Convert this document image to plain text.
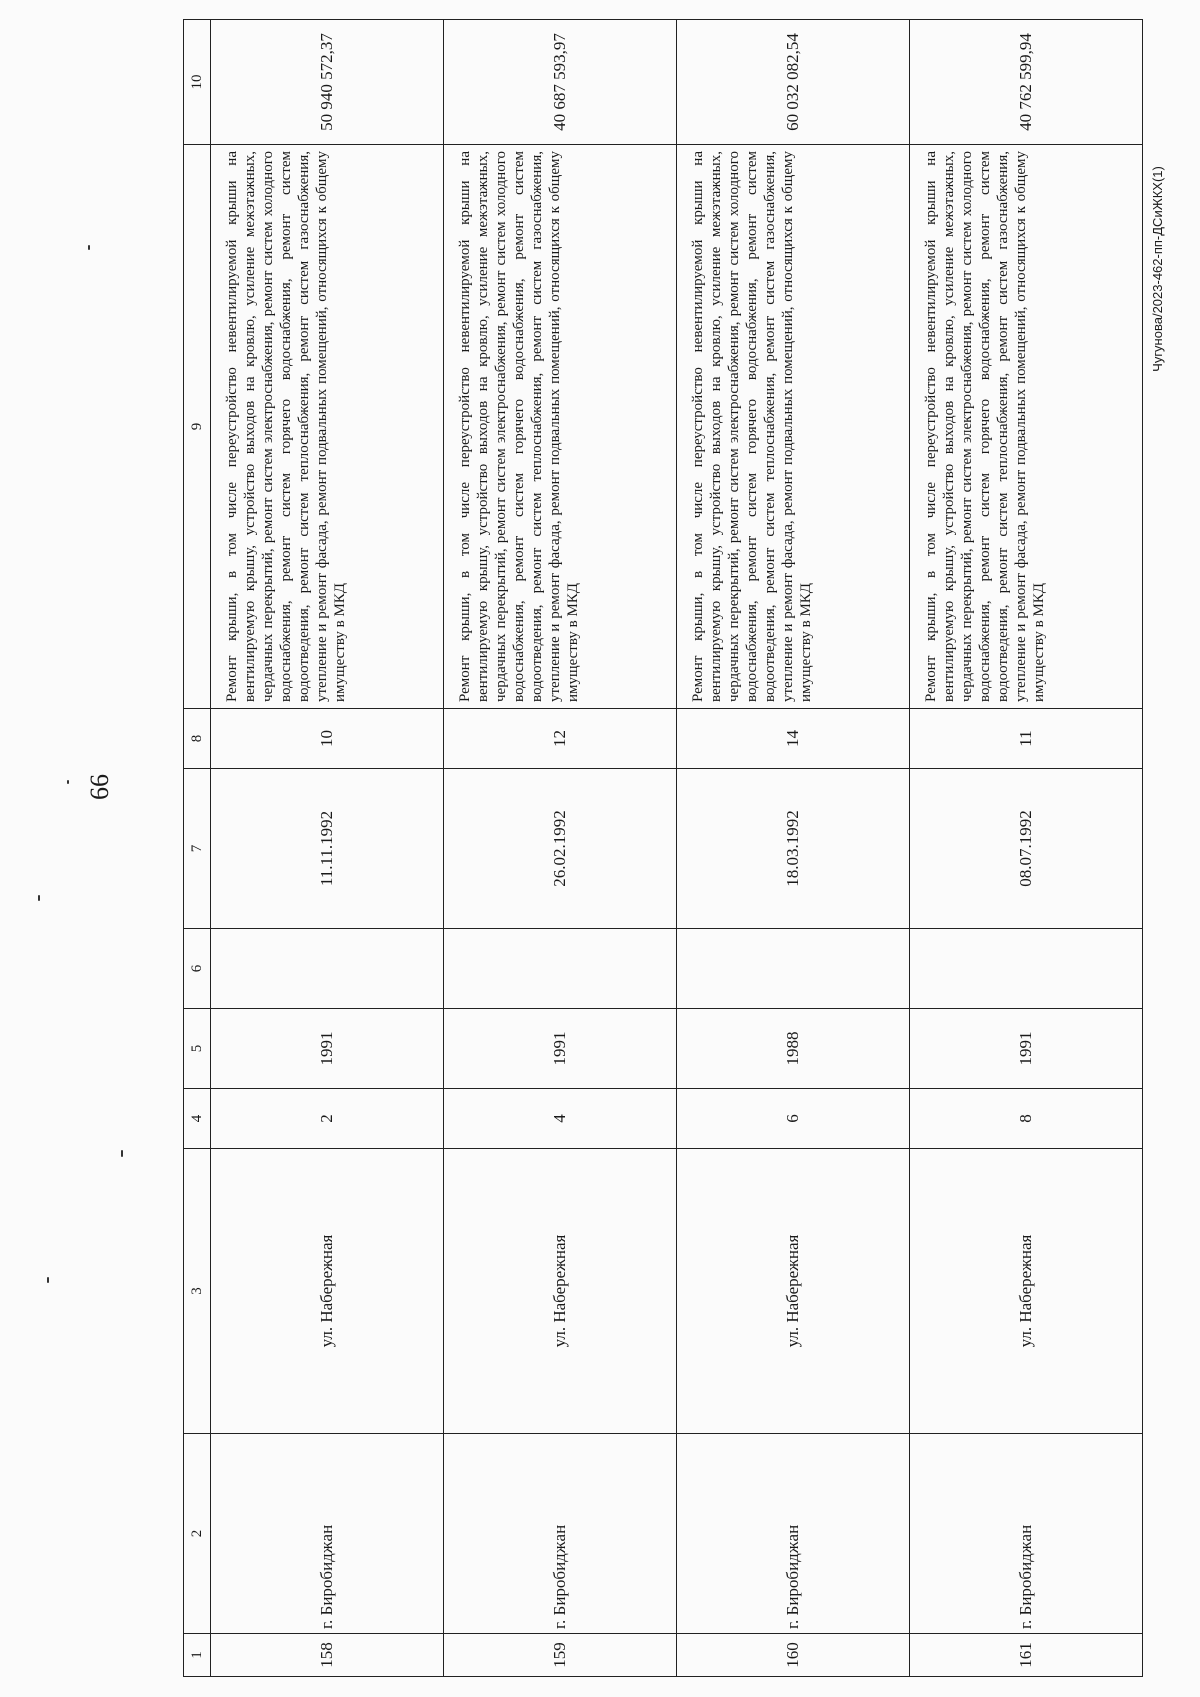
66
1	2	3	4	5	6	7	8	9	10
158	г. Биробиджан	ул. Набережная	2	1991		11.11.1992	10	Ремонт крыши, в том числе переустройство невентилируемой крыши на вентилируемую крышу, устройство выходов на кровлю, усиление межэтажных, чердачных перекрытий, ремонт систем электроснабжения, ремонт систем холодного водоснабжения, ремонт систем горячего водоснабжения, ремонт систем водоотведения, ремонт систем теплоснабжения, ремонт систем газоснабжения, утепление и ремонт фасада, ремонт подвальных помещений, относящихся к общему имуществу в МКД	50 940 572,37
159	г. Биробиджан	ул. Набережная	4	1991		26.02.1992	12	Ремонт крыши, в том числе переустройство невентилируемой крыши на вентилируемую крышу, устройство выходов на кровлю, усиление межэтажных, чердачных перекрытий, ремонт систем электроснабжения, ремонт систем холодного водоснабжения, ремонт систем горячего водоснабжения, ремонт систем водоотведения, ремонт систем теплоснабжения, ремонт систем газоснабжения, утепление и ремонт фасада, ремонт подвальных помещений, относящихся к общему имуществу в МКД	40 687 593,97
160	г. Биробиджан	ул. Набережная	6	1988		18.03.1992	14	Ремонт крыши, в том числе переустройство невентилируемой крыши на вентилируемую крышу, устройство выходов на кровлю, усиление межэтажных, чердачных перекрытий, ремонт систем электроснабжения, ремонт систем холодного водоснабжения, ремонт систем горячего водоснабжения, ремонт систем водоотведения, ремонт систем теплоснабжения, ремонт систем газоснабжения, утепление и ремонт фасада, ремонт подвальных помещений, относящихся к общему имуществу в МКД	60 032 082,54
161	г. Биробиджан	ул. Набережная	8	1991		08.07.1992	11	Ремонт крыши, в том числе переустройство невентилируемой крыши на вентилируемую крышу, устройство выходов на кровлю, усиление межэтажных, чердачных перекрытий, ремонт систем электроснабжения, ремонт систем холодного водоснабжения, ремонт систем горячего водоснабжения, ремонт систем водоотведения, ремонт систем теплоснабжения, ремонт систем газоснабжения, утепление и ремонт фасада, ремонт подвальных помещений, относящихся к общему имуществу в МКД	40 762 599,94
Чугунова/2023-462-пп-ДСиЖКХ(1)
